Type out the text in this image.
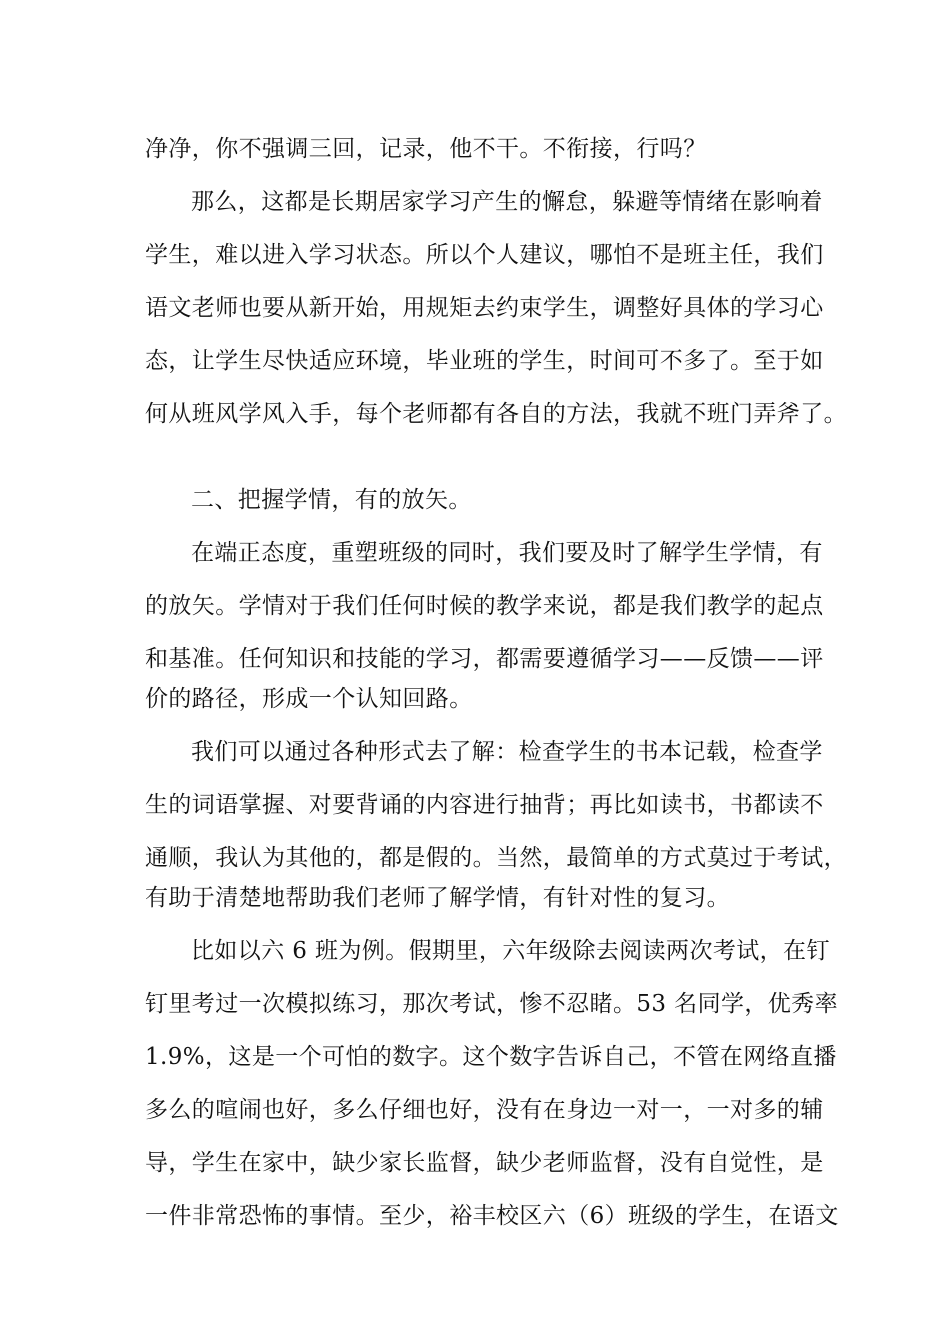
净净，你不强调三回，记录，他不干。不衔接，行吗？
那么，这都是长期居家学习产生的懈怠，躲避等情绪在影响着
学生，难以进入学习状态。所以个人建议，哪怕不是班主任，我们
语文老师也要从新开始，用规矩去约束学生，调整好具体的学习心
态，让学生尽快适应环境，毕业班的学生，时间可不多了。至于如
何从班风学风入手，每个老师都有各自的方法，我就不班门弄斧了。
二、把握学情，有的放矢。
在端正态度，重塑班级的同时，我们要及时了解学生学情，有
的放矢。学情对于我们任何时候的教学来说，都是我们教学的起点
和基准。任何知识和技能的学习，都需要遵循学习——反馈——评
价的路径，形成一个认知回路。
我们可以通过各种形式去了解：检查学生的书本记载，检查学
生的词语掌握、对要背诵的内容进行抽背；再比如读书，书都读不
通顺，我认为其他的，都是假的。当然，最简单的方式莫过于考试，
有助于清楚地帮助我们老师了解学情，有针对性的复习。
比如以六 6 班为例。假期里，六年级除去阅读两次考试，在钉
钉里考过一次模拟练习，那次考试，惨不忍睹。53 名同学，优秀率
1.9%，这是一个可怕的数字。这个数字告诉自己，不管在网络直播
多么的喧闹也好，多么仔细也好，没有在身边一对一，一对多的辅
导，学生在家中，缺少家长监督，缺少老师监督，没有自觉性，是
一件非常恐怖的事情。至少，裕丰校区六（6）班级的学生，在语文
